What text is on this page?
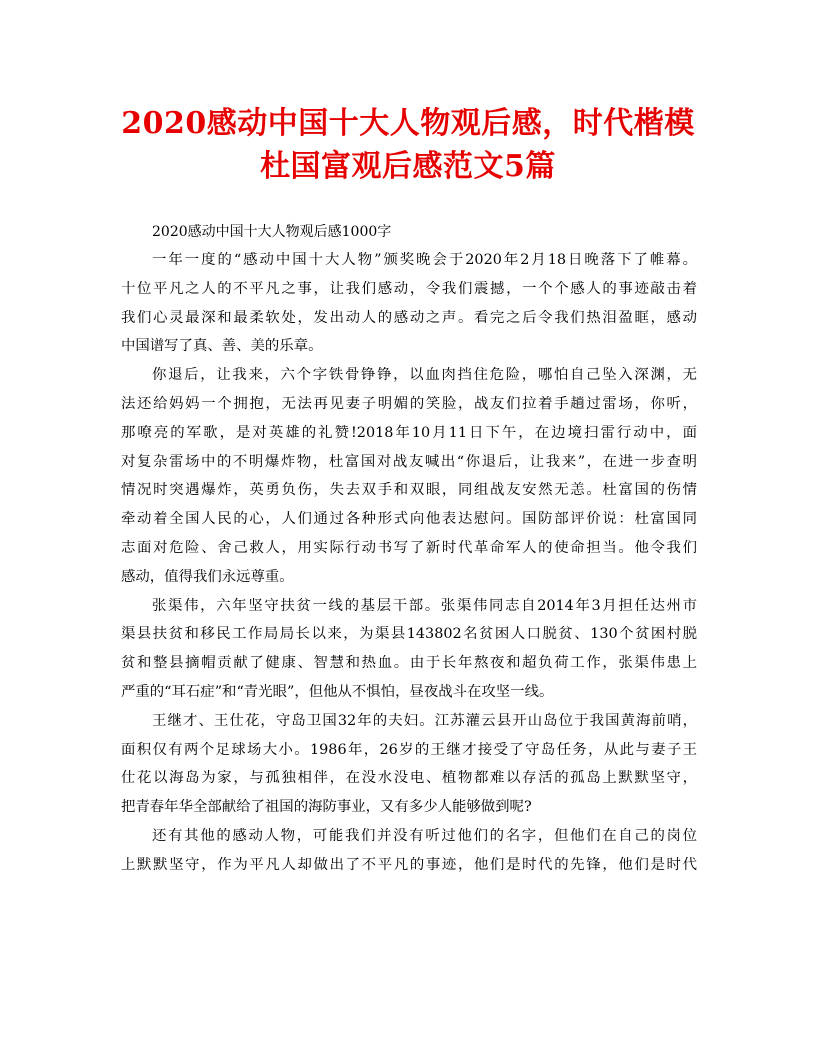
2020感动中国十大人物观后感，时代楷模
杜国富观后感范文5篇

2020感动中国十大人物观后感1000字

一年一度的“感动中国十大人物”颁奖晚会于2020年2月18日晚落下了帷幕。
十位平凡之人的不平凡之事，让我们感动，令我们震撼，一个个感人的事迹敲击着
我们心灵最深和最柔软处，发出动人的感动之声。看完之后令我们热泪盈眶，感动
中国谱写了真、善、美的乐章。

你退后，让我来，六个字铁骨铮铮，以血肉挡住危险，哪怕自己坠入深渊，无
法还给妈妈一个拥抱，无法再见妻子明媚的笑脸，战友们拉着手趟过雷场，你听，
那嘹亮的军歌，是对英雄的礼赞!2018年10月11日下午，在边境扫雷行动中，面
对复杂雷场中的不明爆炸物，杜富国对战友喊出“你退后，让我来”，在进一步查明
情况时突遇爆炸，英勇负伤，失去双手和双眼，同组战友安然无恙。杜富国的伤情
牵动着全国人民的心，人们通过各种形式向他表达慰问。国防部评价说：杜富国同
志面对危险、舍己救人，用实际行动书写了新时代革命军人的使命担当。他令我们
感动，值得我们永远尊重。

张渠伟，六年坚守扶贫一线的基层干部。张渠伟同志自2014年3月担任达州市
渠县扶贫和移民工作局局长以来，为渠县143802名贫困人口脱贫、130个贫困村脱
贫和整县摘帽贡献了健康、智慧和热血。由于长年熬夜和超负荷工作，张渠伟患上
严重的“耳石症”和“青光眼”，但他从不惧怕，昼夜战斗在攻坚一线。

王继才、王仕花，守岛卫国32年的夫妇。江苏灌云县开山岛位于我国黄海前哨，
面积仅有两个足球场大小。1986年，26岁的王继才接受了守岛任务，从此与妻子王
仕花以海岛为家，与孤独相伴，在没水没电、植物都难以存活的孤岛上默默坚守，
把青春年华全部献给了祖国的海防事业，又有多少人能够做到呢?

还有其他的感动人物，可能我们并没有听过他们的名字，但他们在自己的岗位
上默默坚守，作为平凡人却做出了不平凡的事迹，他们是时代的先锋，他们是时代
